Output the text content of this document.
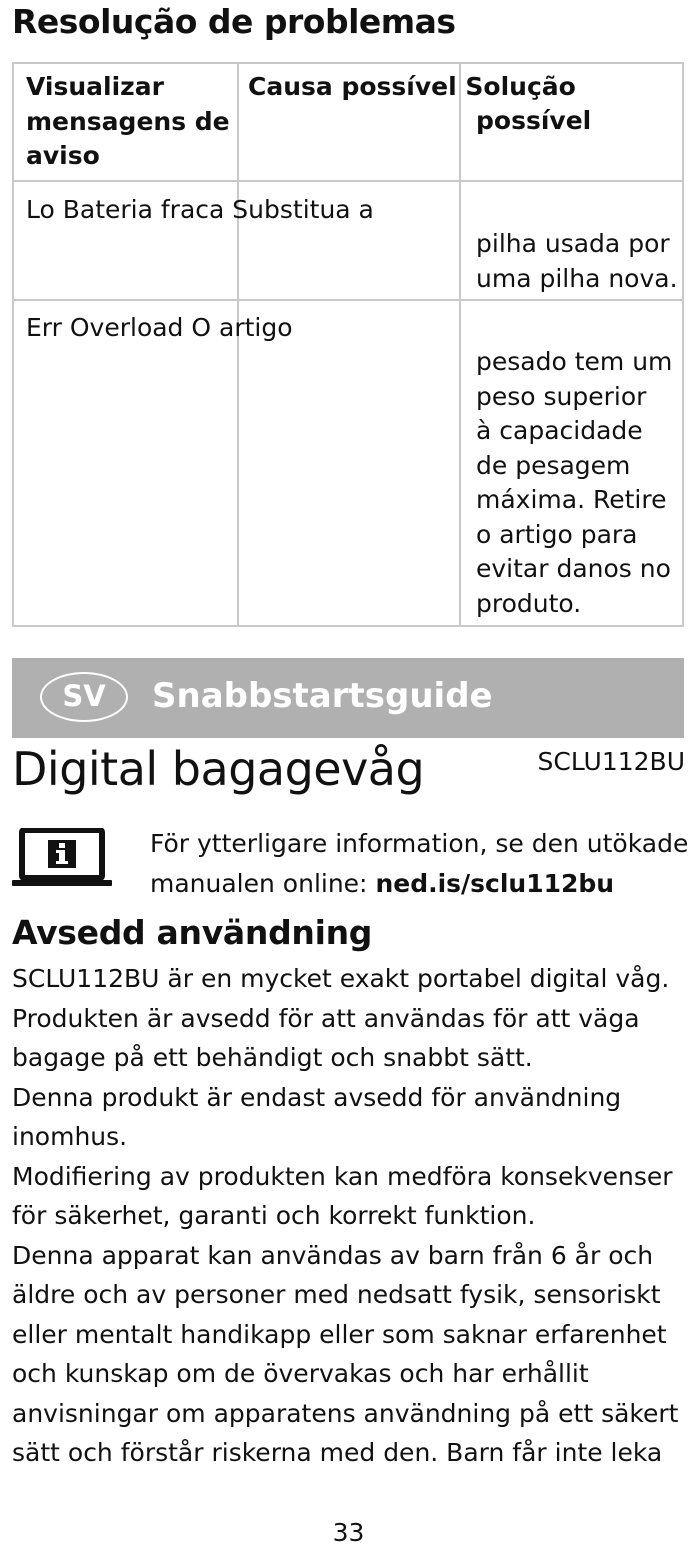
Resolução de problemas
Visualizar
mensagens de
aviso
Causa possível Solução
possível
Lo Bateria fraca Substitua a
pilha usada por
uma pilha nova.
Err Overload O artigo
pesado tem um
peso superior
à capacidade
de pesagem
máxima. Retire
o artigo para
evitar danos no
produto.
SV	Snabbstartsguide
Digital bagagevåg	SCLU112BU
För ytterligare information, se den utökade
manualen online: ned.is/sclu112bu
Avsedd användning
SCLU112BU är en mycket exakt portabel digital våg.
Produkten är avsedd för att användas för att väga
bagage på ett behändigt och snabbt sätt.
Denna produkt är endast avsedd för användning
inomhus.
Modifiering av produkten kan medföra konsekvenser
för säkerhet, garanti och korrekt funktion.
Denna apparat kan användas av barn från 6 år och
äldre och av personer med nedsatt fysik, sensoriskt
eller mentalt handikapp eller som saknar erfarenhet
och kunskap om de övervakas och har erhållit
anvisningar om apparatens användning på ett säkert
sätt och förstår riskerna med den. Barn får inte leka
33
